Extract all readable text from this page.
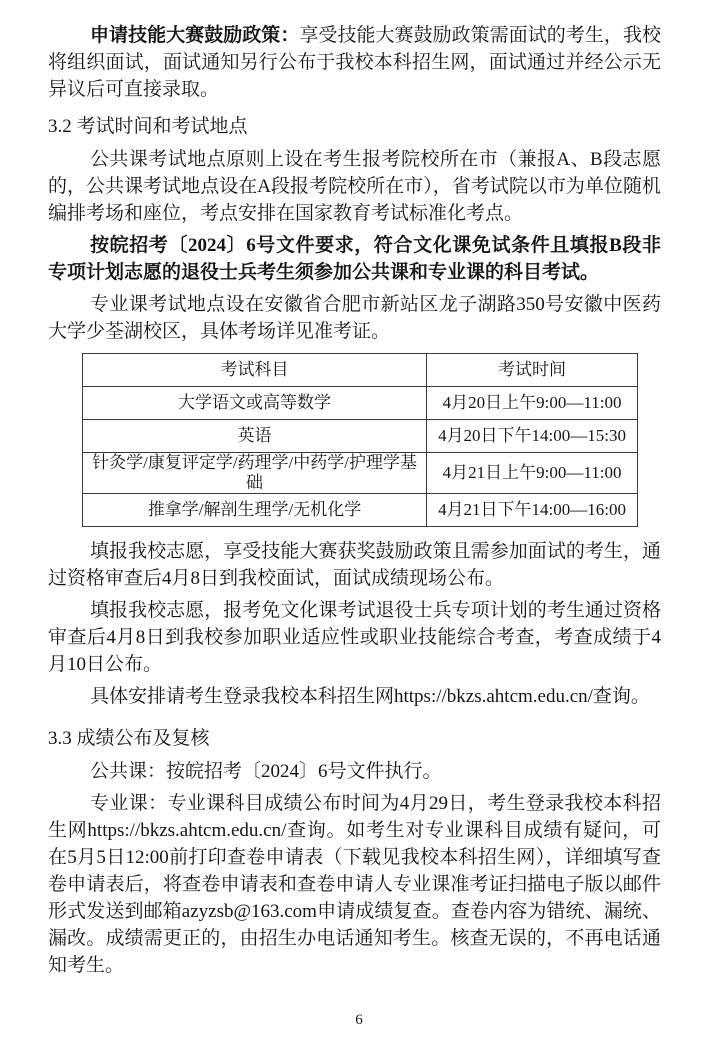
申请技能大赛鼓励政策：享受技能大赛鼓励政策需面试的考生，我校将组织面试，面试通知另行公布于我校本科招生网，面试通过并经公示无异议后可直接录取。

3.2 考试时间和考试地点

公共课考试地点原则上设在考生报考院校所在市（兼报A、B段志愿的，公共课考试地点设在A段报考院校所在市），省考试院以市为单位随机编排考场和座位，考点安排在国家教育考试标准化考点。

按皖招考〔2024〕6号文件要求，符合文化课免试条件且填报B段非专项计划志愿的退役士兵考生须参加公共课和专业课的科目考试。

专业课考试地点设在安徽省合肥市新站区龙子湖路350号安徽中医药大学少荃湖校区，具体考场详见准考证。

考试科目	考试时间
大学语文或高等数学	4月20日上午9:00—11:00
英语	4月20日下午14:00—15:30
针灸学/康复评定学/药理学/中药学/护理学基础	4月21日上午9:00—11:00
推拿学/解剖生理学/无机化学	4月21日下午14:00—16:00

填报我校志愿，享受技能大赛获奖鼓励政策且需参加面试的考生，通过资格审查后4月8日到我校面试，面试成绩现场公布。

填报我校志愿，报考免文化课考试退役士兵专项计划的考生通过资格审查后4月8日到我校参加职业适应性或职业技能综合考查，考查成绩于4月10日公布。

具体安排请考生登录我校本科招生网https://bkzs.ahtcm.edu.cn/查询。

3.3 成绩公布及复核

公共课：按皖招考〔2024〕6号文件执行。

专业课：专业课科目成绩公布时间为4月29日，考生登录我校本科招生网https://bkzs.ahtcm.edu.cn/查询。如考生对专业课科目成绩有疑问，可在5月5日12:00前打印查卷申请表（下载见我校本科招生网），详细填写查卷申请表后，将查卷申请表和查卷申请人专业课准考证扫描电子版以邮件形式发送到邮箱azyzsb@163.com申请成绩复查。查卷内容为错统、漏统、漏改。成绩需更正的，由招生办电话通知考生。核查无误的，不再电话通知考生。

6
